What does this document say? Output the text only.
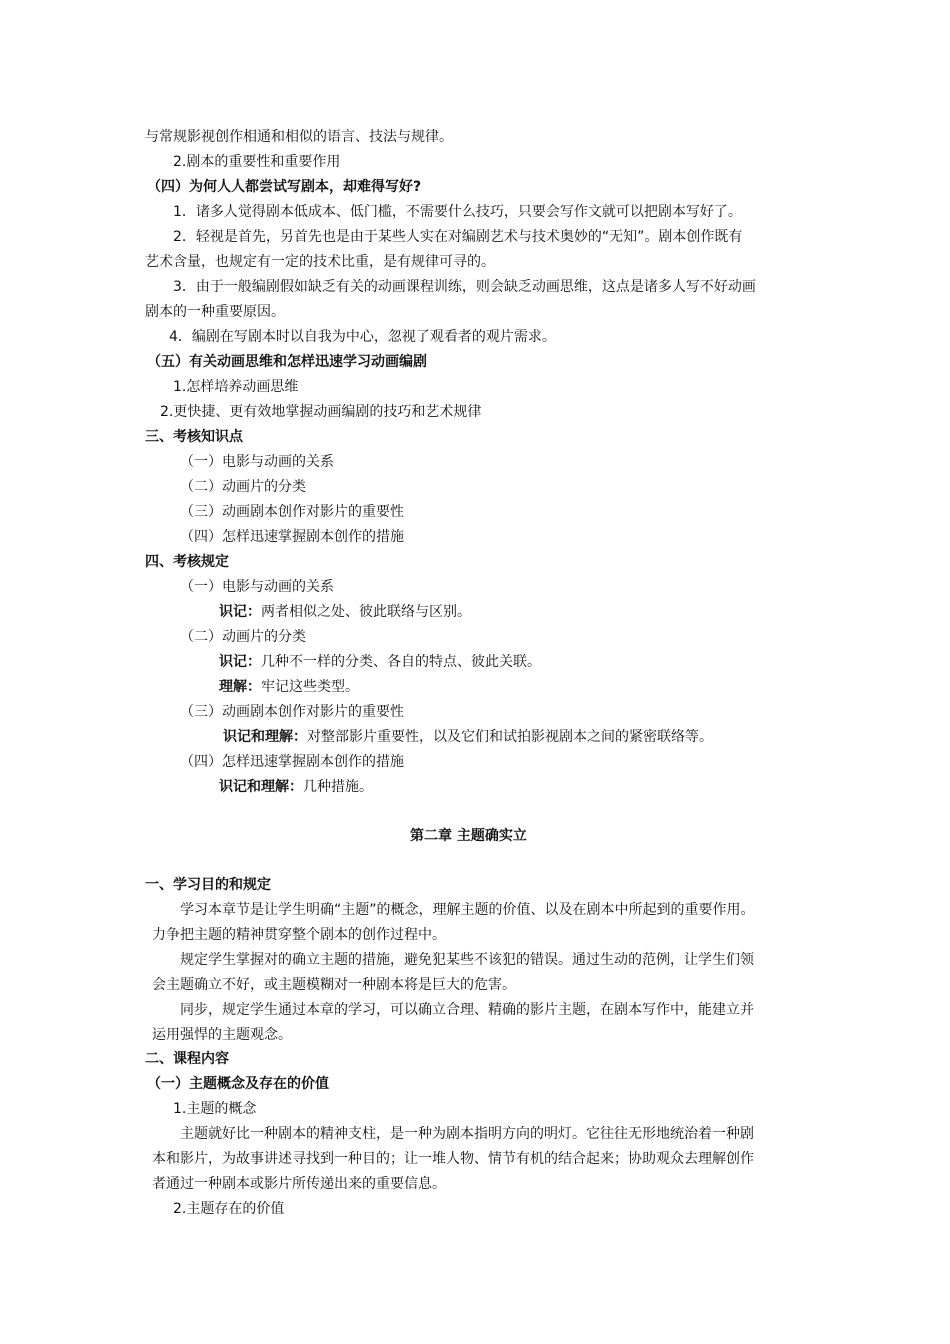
与常规影视创作相通和相似的语言、技法与规律。

2.剧本的重要性和重要作用

（四）为何人人都尝试写剧本，却难得写好?

1．诸多人觉得剧本低成本、低门槛，不需要什么技巧，只要会写作文就可以把剧本写好了。

2．轻视是首先，另首先也是由于某些人实在对编剧艺术与技术奥妙的“无知”。剧本创作既有

艺术含量，也规定有一定的技术比重，是有规律可寻的。

3．由于一般编剧假如缺乏有关的动画课程训练，则会缺乏动画思维，这点是诸多人写不好动画

剧本的一种重要原因。

4．编剧在写剧本时以自我为中心，忽视了观看者的观片需求。

（五）有关动画思维和怎样迅速学习动画编剧

1.怎样培养动画思维

2.更快捷、更有效地掌握动画编剧的技巧和艺术规律

三、考核知识点

（一）电影与动画的关系

（二）动画片的分类

（三）动画剧本创作对影片的重要性

（四）怎样迅速掌握剧本创作的措施

四、考核规定

（一）电影与动画的关系

识记：两者相似之处、彼此联络与区别。

（二）动画片的分类

识记：几种不一样的分类、各自的特点、彼此关联。

理解：牢记这些类型。

（三）动画剧本创作对影片的重要性

识记和理解：对整部影片重要性，以及它们和试拍影视剧本之间的紧密联络等。

（四）怎样迅速掌握剧本创作的措施

识记和理解：几种措施。

第二章 主题确实立

一、学习目的和规定

学习本章节是让学生明确“主题”的概念，理解主题的价值、以及在剧本中所起到的重要作用。

力争把主题的精神贯穿整个剧本的创作过程中。

规定学生掌握对的确立主题的措施，避免犯某些不该犯的错误。通过生动的范例，让学生们领

会主题确立不好，或主题模糊对一种剧本将是巨大的危害。

同步，规定学生通过本章的学习，可以确立合理、精确的影片主题，在剧本写作中，能建立并

运用强悍的主题观念。

二、课程内容

（一）主题概念及存在的价值

1.主题的概念

主题就好比一种剧本的精神支柱，是一种为剧本指明方向的明灯。它往往无形地统治着一种剧

本和影片，为故事讲述寻找到一种目的；让一堆人物、情节有机的结合起来；协助观众去理解创作

者通过一种剧本或影片所传递出来的重要信息。

2.主题存在的价值
